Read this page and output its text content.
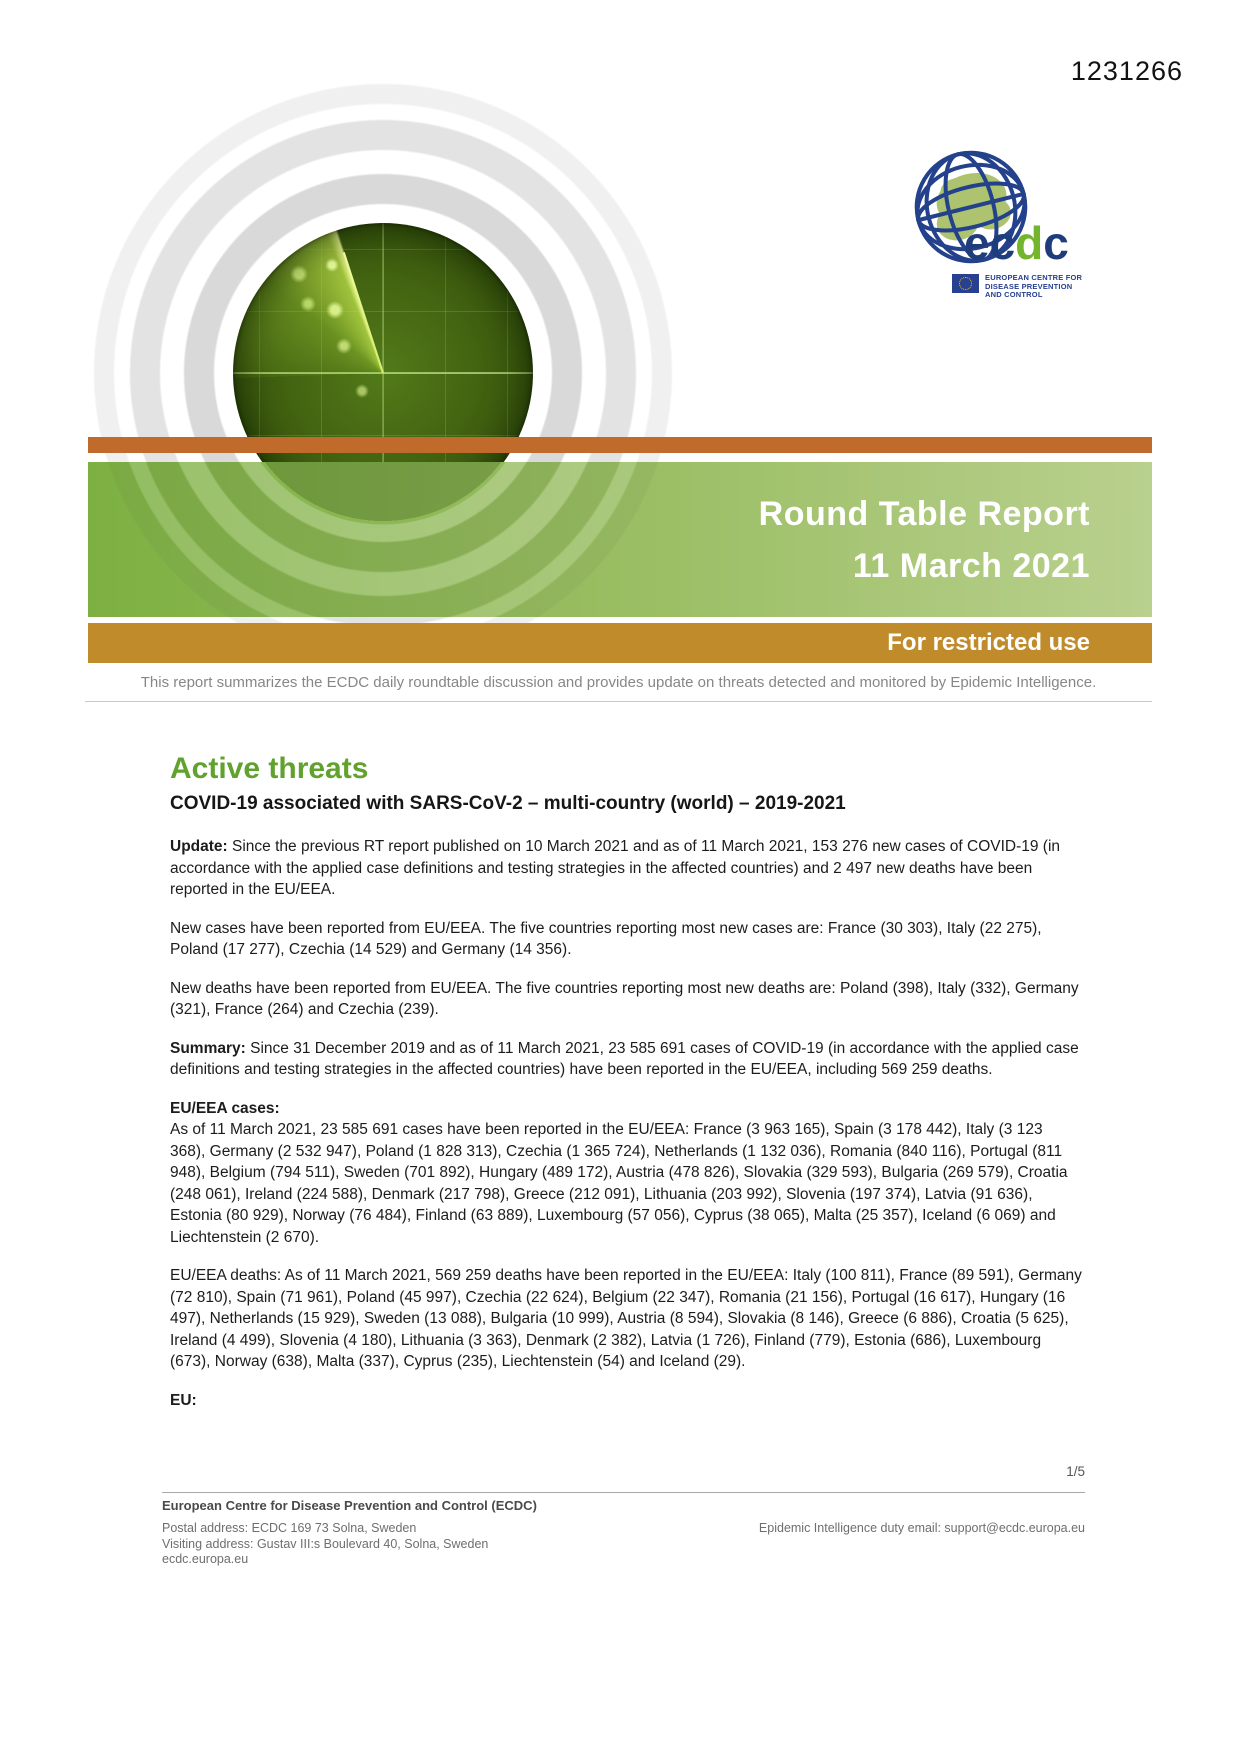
1231266
ecdc
EUROPEAN CENTRE FOR
DISEASE PREVENTION
AND CONTROL
Round Table Report
11 March 2021
For restricted use
This report summarizes the ECDC daily roundtable discussion and provides update on threats detected and monitored by Epidemic Intelligence.
Active threats
COVID-19 associated with SARS-CoV-2 – multi-country (world) – 2019-2021

Update: Since the previous RT report published on 10 March 2021 and as of 11 March 2021, 153 276 new cases of COVID-19 (in accordance with the applied case definitions and testing strategies in the affected countries) and 2 497 new deaths have been reported in the EU/EEA.

New cases have been reported from EU/EEA. The five countries reporting most new cases are: France (30 303), Italy (22 275), Poland (17 277), Czechia (14 529) and Germany (14 356).

New deaths have been reported from EU/EEA. The five countries reporting most new deaths are: Poland (398), Italy (332), Germany (321), France (264) and Czechia (239).

Summary: Since 31 December 2019 and as of 11 March 2021, 23 585 691 cases of COVID-19 (in accordance with the applied case definitions and testing strategies in the affected countries) have been reported in the EU/EEA, including 569 259 deaths.

EU/EEA cases:
As of 11 March 2021, 23 585 691 cases have been reported in the EU/EEA: France (3 963 165), Spain (3 178 442), Italy (3 123 368), Germany (2 532 947), Poland (1 828 313), Czechia (1 365 724), Netherlands (1 132 036), Romania (840 116), Portugal (811 948), Belgium (794 511), Sweden (701 892), Hungary (489 172), Austria (478 826), Slovakia (329 593), Bulgaria (269 579), Croatia (248 061), Ireland (224 588), Denmark (217 798), Greece (212 091), Lithuania (203 992), Slovenia (197 374), Latvia (91 636), Estonia (80 929), Norway (76 484), Finland (63 889), Luxembourg (57 056), Cyprus (38 065), Malta (25 357), Iceland (6 069) and Liechtenstein (2 670).

EU/EEA deaths: As of 11 March 2021, 569 259 deaths have been reported in the EU/EEA: Italy (100 811), France (89 591), Germany (72 810), Spain (71 961), Poland (45 997), Czechia (22 624), Belgium (22 347), Romania (21 156), Portugal (16 617), Hungary (16 497), Netherlands (15 929), Sweden (13 088), Bulgaria (10 999), Austria (8 594), Slovakia (8 146), Greece (6 886), Croatia (5 625), Ireland (4 499), Slovenia (4 180), Lithuania (3 363), Denmark (2 382), Latvia (1 726), Finland (779), Estonia (686), Luxembourg (673), Norway (638), Malta (337), Cyprus (235), Liechtenstein (54) and Iceland (29).

EU:

1/5
European Centre for Disease Prevention and Control (ECDC)
Postal address: ECDC 169 73 Solna, Sweden
Visiting address: Gustav III:s Boulevard 40, Solna, Sweden
ecdc.europa.eu
Epidemic Intelligence duty email: support@ecdc.europa.eu
